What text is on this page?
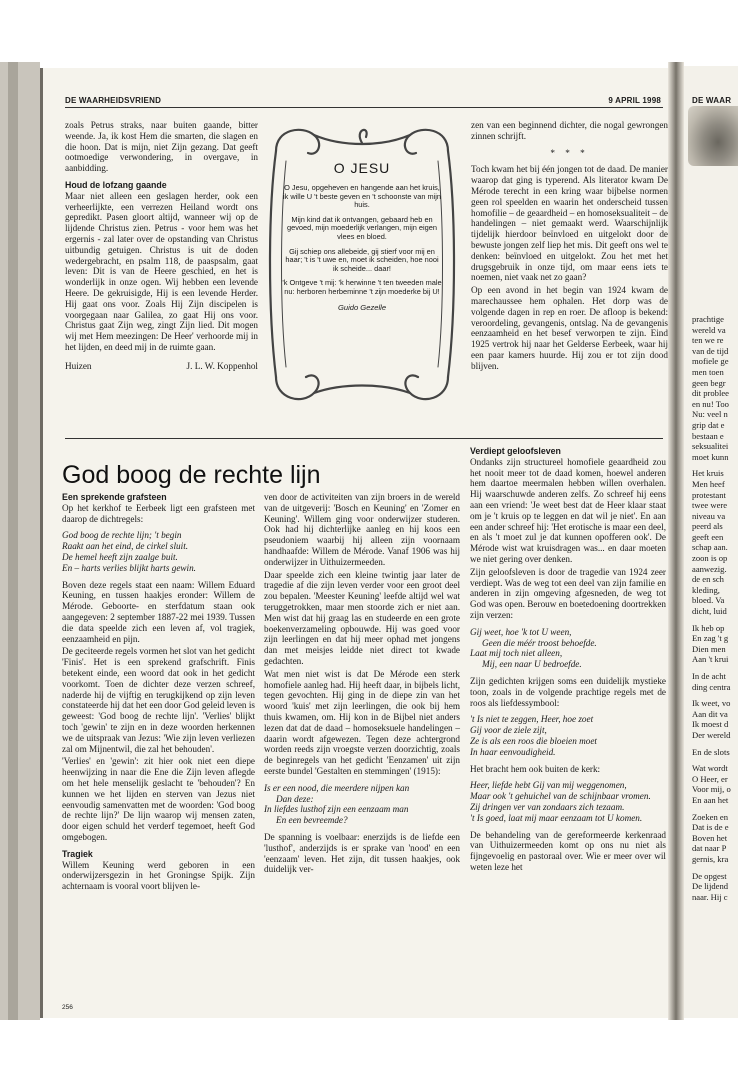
DE WAARHEIDSVRIEND	9 APRIL 1998

zoals Petrus straks, naar buiten gaande, bitter weende. Ja, ik kost Hem die smarten, die slagen en die hoon. Dat is mijn, niet Zijn gezang. Dat geeft ootmoedige verwondering, in overgave, in aanbidding.

Houd de lofzang gaande

Maar niet alleen een geslagen herder, ook een verheerlijkte, een verrezen Heiland wordt ons gepredikt. Pasen gloort altijd, wanneer wij op de lijdende Christus zien. Petrus - voor hem was het ergernis - zal later over de opstanding van Christus uitbundig getuigen. Christus is uit de doden wedergebracht, en psalm 118, de paaspsalm, gaat leven: Dit is van de Heere geschied, en het is wonderlijk in onze ogen. Wij hebben een levende Heere. De gekruisigde, Hij is een levende Herder. Hij gaat ons voor. Zoals Hij Zijn discipelen is voorgegaan naar Galilea, zo gaat Hij ons voor. Christus gaat Zijn weg, zingt Zijn lied. Dit mogen wij met Hem meezingen: De Heer' verhoorde mij in het lijden, en deed mij in de ruimte gaan.

Huizen	J. L. W. Koppenhol

zen van een beginnend dichter, die nogal gewrongen zinnen schrijft.

* * *

Toch kwam het bij één jongen tot de daad. De manier waarop dat ging is typerend. Als literator kwam De Mérode terecht in een kring waar bijbelse normen geen rol speelden en waarin het onderscheid tussen homofilie – de geaardheid – en homoseksualiteit – de handelingen – niet gemaakt werd. Waarschijnlijk tijdelijk hierdoor beïnvloed en uitgelokt door de bewuste jongen zelf liep het mis. Dit geeft ons wel te denken: beïnvloed en uitgelokt. Zou het met het drugsgebruik in onze tijd, om maar eens iets te noemen, niet vaak net zo gaan?

Op een avond in het begin van 1924 kwam de marechaussee hem ophalen. Het dorp was de volgende dagen in rep en roer. De afloop is bekend: veroordeling, gevangenis, ontslag. Na de gevangenis eenzaamheid en het besef verworpen te zijn. Eind 1925 vertrok hij naar het Gelderse Eerbeek, waar hij een paar kamers huurde. Hij zou er tot zijn dood blijven.

O JESU
O Jesu, opgeheven en hangende aan het kruis, ik wille U 't beste geven en 't schoonste van mijn huis.
Mijn kind dat ik ontvangen, gebaard heb en gevoed, mijn moederlijk verlangen, mijn eigen vlees en bloed.
Gij schiep ons allebeide, gij stierf voor mij en haar; 't is 't uwe en, moet ik scheiden, hoe nooi ik scheide... daar!
'k Ontgeve 't mij: 'k herwinne 't ten tweeden male nu: herboren herbeminne 't zijn moederke bij U!
Guido Gezelle
God boog de rechte lijn
Een sprekende grafsteen

Op het kerkhof te Eerbeek ligt een grafsteen met daarop de dichtregels:

God boog de rechte lijn; 't begin
Raakt aan het eind, de cirkel sluit.
De hemel heeft zijn zaalge buit.
En – harts verlies blijkt harts gewin.

Boven deze regels staat een naam: Willem Eduard Keuning, en tussen haakjes eronder: Willem de Mérode. Geboorte- en sterfdatum staan ook aangegeven: 2 september 1887-22 mei 1939. Tussen die data speelde zich een leven af, vol tragiek, eenzaamheid en pijn.

De geciteerde regels vormen het slot van het gedicht 'Finis'. Het is een sprekend grafschrift. Finis betekent einde, een woord dat ook in het gedicht voorkomt. Toen de dichter deze verzen schreef, naderde hij de vijftig en terugkijkend op zijn leven constateerde hij dat het een door God geleid leven is geweest: 'God boog de rechte lijn'. 'Verlies' blijkt toch 'gewin' te zijn en in deze woorden herkennen we de uitspraak van Jezus: 'Wie zijn leven verliezen zal om Mijnentwil, die zal het behouden'.

'Verlies' en 'gewin': zit hier ook niet een diepe heenwijzing in naar die Ene die Zijn leven aflegde om het hele menselijk geslacht te 'behouden'? En kunnen we het lijden en sterven van Jezus niet eenvoudig samenvatten met de woorden: 'God boog de rechte lijn?' De lijn waarop wij mensen zaten, door eigen schuld het verderf tegemoet, heeft God omgebogen.

Tragiek

Willem Keuning werd geboren in een onderwijzersgezin in het Groningse Spijk. Zijn achternaam is vooral voort blijven le-

ven door de activiteiten van zijn broers in de wereld van de uitgeverij: 'Bosch en Keuning' en 'Zomer en Keuning'. Willem ging voor onderwijzer studeren. Ook had hij dichterlijke aanleg en hij koos een pseudoniem waarbij hij alleen zijn voornaam handhaafde: Willem de Mérode. Vanaf 1906 was hij onderwijzer in Uithuizermeeden.

Daar speelde zich een kleine twintig jaar later de tragedie af die zijn leven verder voor een groot deel zou bepalen. 'Meester Keuning' leefde altijd wel wat teruggetrokken, maar men stoorde zich er niet aan. Men wist dat hij graag las en studeerde en een grote boekenverzameling opbouwde. Hij was goed voor zijn leerlingen en dat hij meer ophad met jongens dan met meisjes leidde niet direct tot kwade gedachten.

Wat men niet wist is dat De Mérode een sterk homofiele aanleg had. Hij heeft daar, in bijbels licht, tegen gevochten. Hij ging in de diepe zin van het woord 'kuis' met zijn leerlingen, die ook bij hem thuis kwamen, om. Hij kon in de Bijbel niet anders lezen dat dat de daad – homoseksuele handelingen – daarin wordt afgewezen. Tegen deze achtergrond worden reeds zijn vroegste verzen doorzichtig, zoals de beginregels van het gedicht 'Eenzamen' uit zijn eerste bundel 'Gestalten en stemmingen' (1915):

Is er een nood, die meerdere nijpen kan
Dan deze:
In liefdes lusthof zijn een eenzaam man
En een bevreemde?

De spanning is voelbaar: enerzijds is de liefde een 'lusthof', anderzijds is er sprake van 'nood' en een 'eenzaam' leven. Het zijn, dit tussen haakjes, ook duidelijk ver-

Verdiept geloofsleven

Ondanks zijn structureel homofiele geaardheid zou het nooit meer tot de daad komen, hoewel anderen hem daartoe meermalen hebben willen overhalen. Hij waarschuwde anderen zelfs. Zo schreef hij eens aan een vriend: 'Je weet best dat de Heer klaar staat om je 't kruis op te leggen en dat wil je niet'. En aan een ander schreef hij: 'Het erotische is maar een deel, en als 't moet zul je dat kunnen opofferen ook'. De Mérode wist wat kruisdragen was... en daar moeten we niet gering over denken.

Zijn geloofsleven is door de tragedie van 1924 zeer verdiept. Was de weg tot een deel van zijn familie en anderen in zijn omgeving afgesneden, de weg tot God was open. Berouw en boetedoening doortrekken zijn verzen:

Gij weet, hoe 'k tot U ween,
Geen die méér troost behoefde.
Laat mij toch niet alleen,
Mij, een naar U bedroefde.

Zijn gedichten krijgen soms een duidelijk mystieke toon, zoals in de volgende prachtige regels met de roos als liefdessymbool:

't Is niet te zeggen, Heer, hoe zoet
Gij voor de ziele zijt,
Ze is als een roos die bloeien moet
In haar eenvoudigheid.

Het bracht hem ook buiten de kerk:

Heer, liefde hebt Gij van mij weggenomen,
Maar ook 't gehuichel van de schijnbaar vromen.
Zij dringen ver van zondaars zich tezaam.
't Is goed, laat mij maar eenzaam tot U komen.

De behandeling van de gereformeerde kerkenraad van Uithuizermeeden komt op ons nu niet als fijngevoelig en pastoraal over. Wie er meer over wil weten leze het

256
DE WAAR
prachtige
wereld va
ten we re
van de tijd
mofiele ge
men toen
geen begr
dit problee
en nu! Too
Nu: veel n
grip dat e
bestaan e
seksualitei
moet kunn
Het kruis
Men heef
protestant
twee were
niveau va
peerd als
geeft een
schap aan.
zoon is op
aanwezig.
de en sch
kleding,
bloed. Va
dicht, luid
Ik heb op
En zag 't g
Dien men
Aan 't krui
In de acht
ding centra
Ik weet, vo
Aan dit va
Ik moest d
Der wereld
En de slots
Wat wordt
O Heer, er
Voor mij, o
En aan het
Zoeken en
Dat is de e
Boven het
dat naar P
gernis, kra
De opgest
De lijdend
naar. Hij c
